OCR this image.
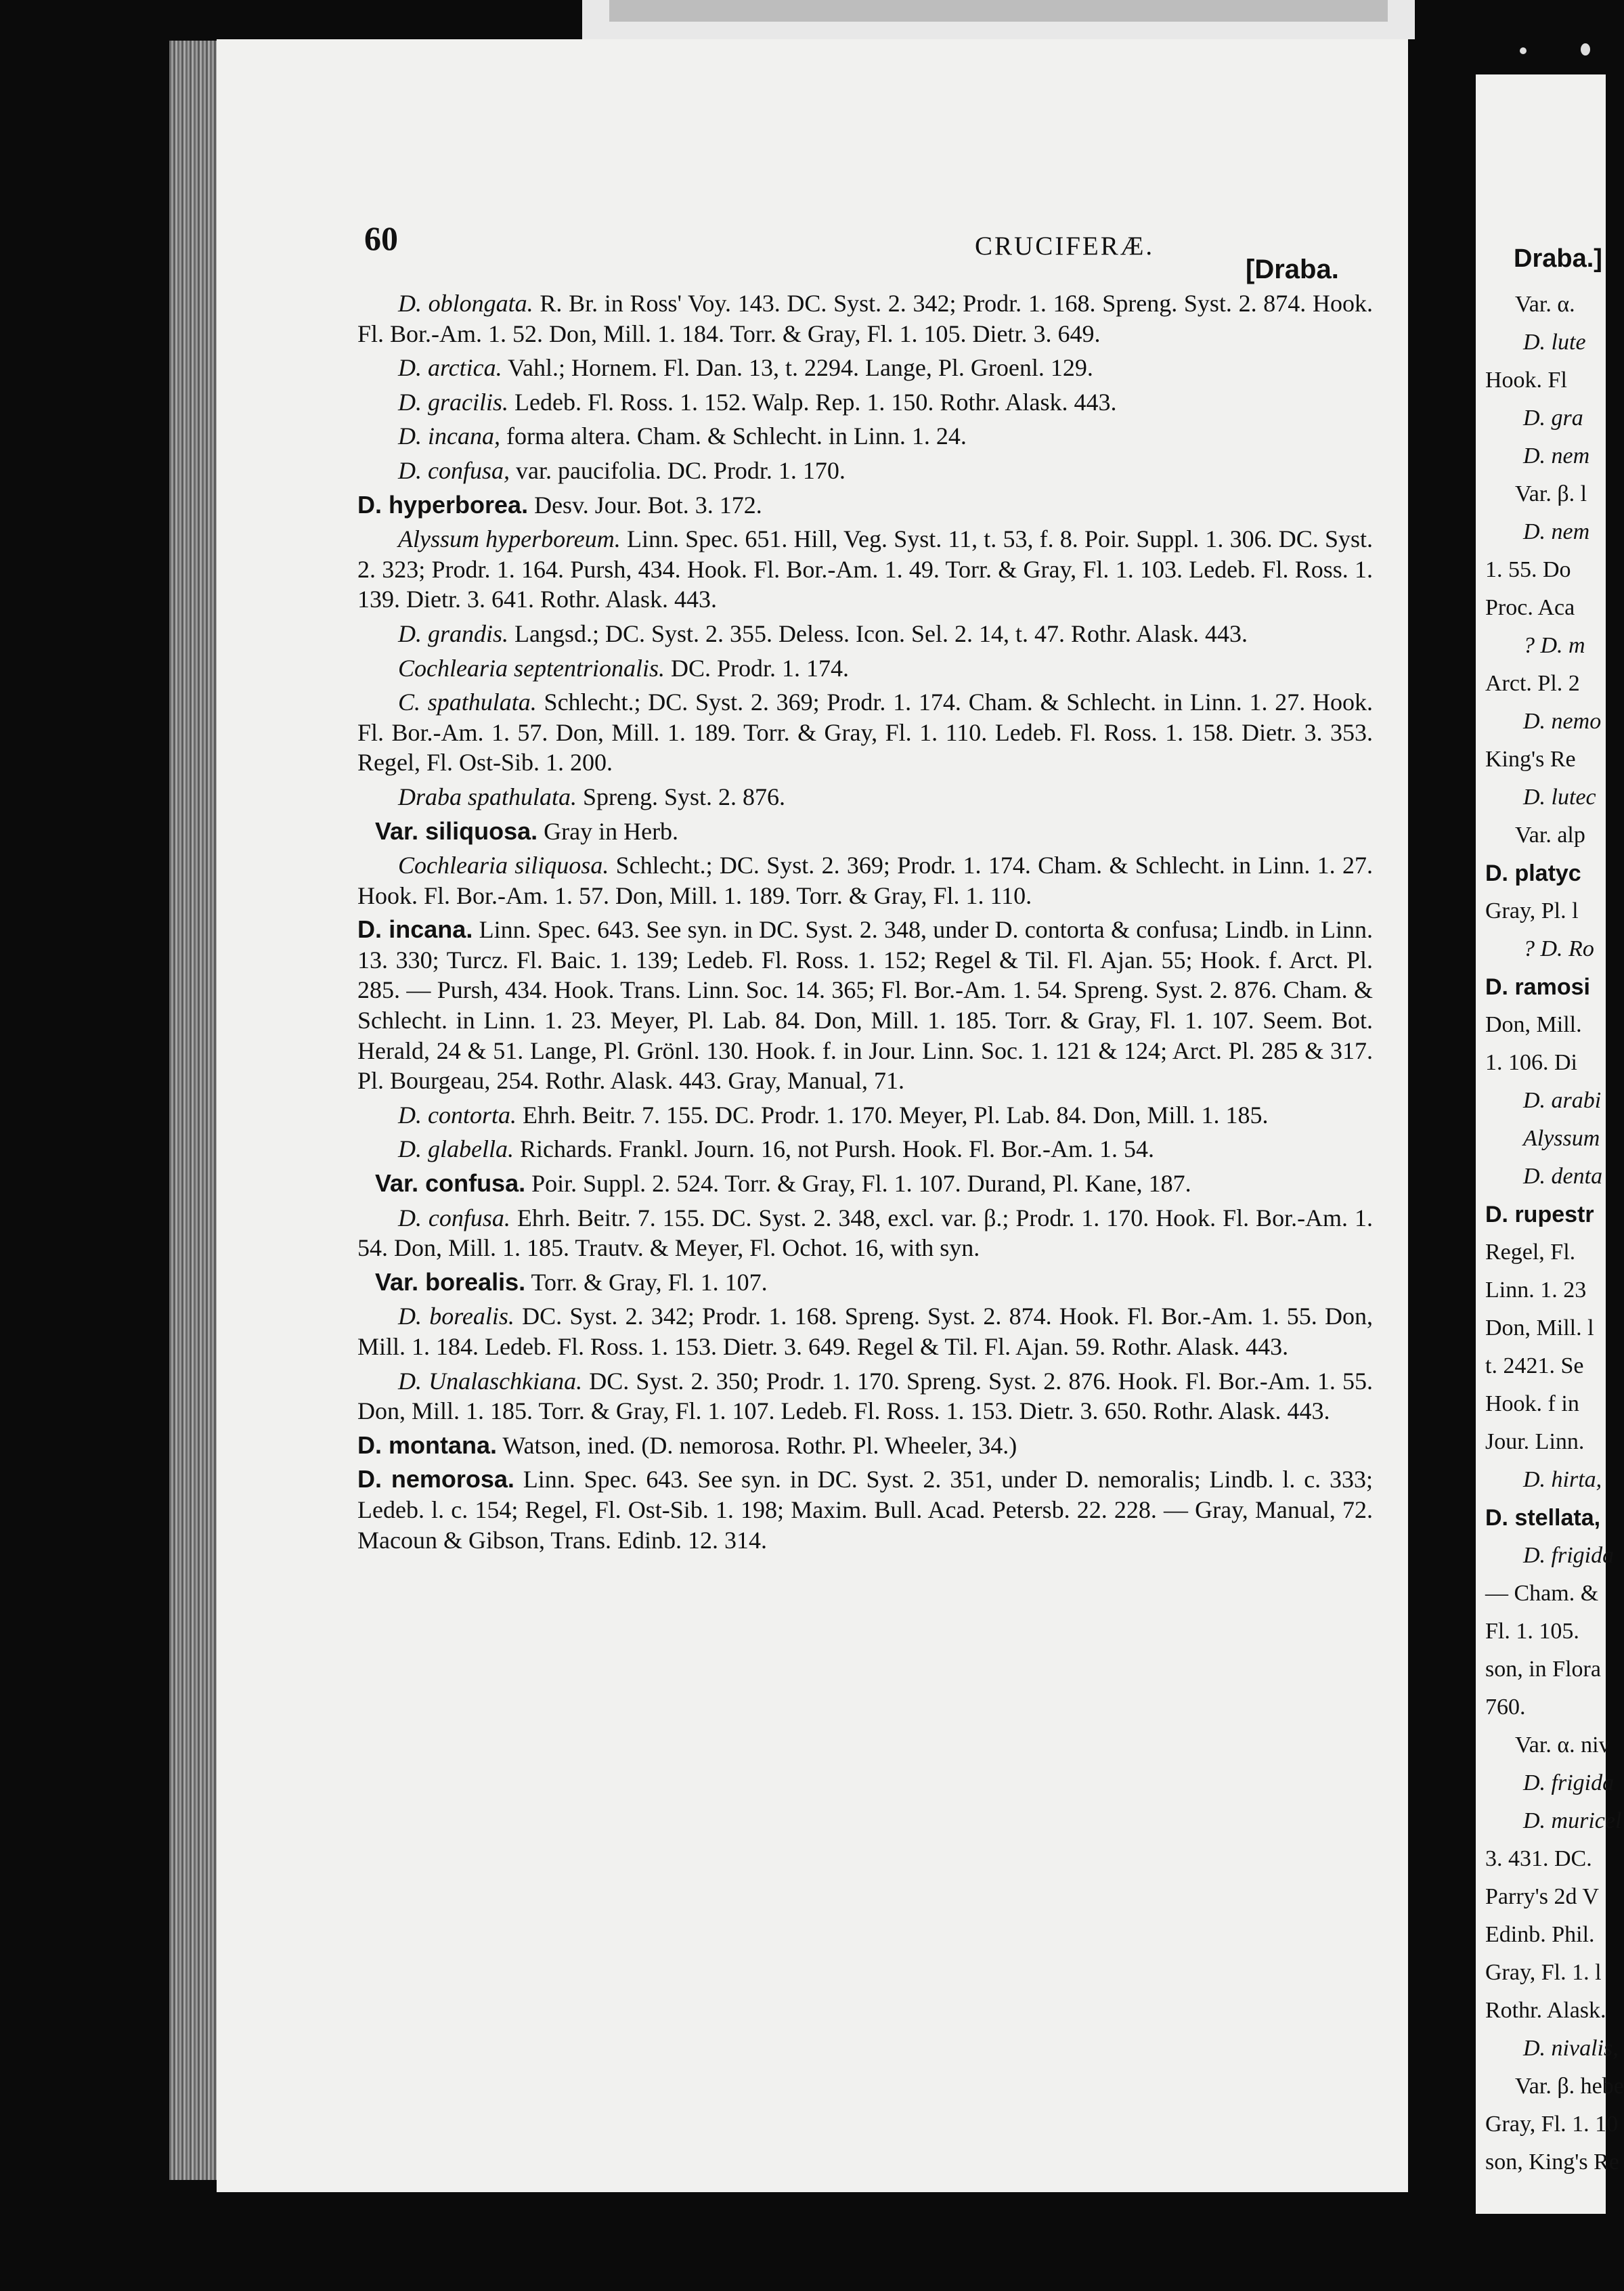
60	CRUCIFERÆ.
[Draba.

D. oblongata. R. Br. in Ross' Voy. 143. DC. Syst. 2. 342; Prodr. 1. 168. Spreng. Syst. 2. 874. Hook. Fl. Bor.-Am. 1. 52. Don, Mill. 1. 184. Torr. & Gray, Fl. 1. 105. Dietr. 3. 649.

D. arctica. Vahl.; Hornem. Fl. Dan. 13, t. 2294. Lange, Pl. Groenl. 129.

D. gracilis. Ledeb. Fl. Ross. 1. 152. Walp. Rep. 1. 150. Rothr. Alask. 443.

D. incana, forma altera. Cham. & Schlecht. in Linn. 1. 24.

D. confusa, var. paucifolia. DC. Prodr. 1. 170.

D. hyperborea. Desv. Jour. Bot. 3. 172.

Alyssum hyperboreum. Linn. Spec. 651. Hill, Veg. Syst. 11, t. 53, f. 8. Poir. Suppl. 1. 306. DC. Syst. 2. 323; Prodr. 1. 164. Pursh, 434. Hook. Fl. Bor.-Am. 1. 49. Torr. & Gray, Fl. 1. 103. Ledeb. Fl. Ross. 1. 139. Dietr. 3. 641. Rothr. Alask. 443.

D. grandis. Langsd.; DC. Syst. 2. 355. Deless. Icon. Sel. 2. 14, t. 47. Rothr. Alask. 443.

Cochlearia septentrionalis. DC. Prodr. 1. 174.

C. spathulata. Schlecht.; DC. Syst. 2. 369; Prodr. 1. 174. Cham. & Schlecht. in Linn. 1. 27. Hook. Fl. Bor.-Am. 1. 57. Don, Mill. 1. 189. Torr. & Gray, Fl. 1. 110. Ledeb. Fl. Ross. 1. 158. Dietr. 3. 353. Regel, Fl. Ost-Sib. 1. 200.

Draba spathulata. Spreng. Syst. 2. 876.

Var. siliquosa. Gray in Herb.

Cochlearia siliquosa. Schlecht.; DC. Syst. 2. 369; Prodr. 1. 174. Cham. & Schlecht. in Linn. 1. 27. Hook. Fl. Bor.-Am. 1. 57. Don, Mill. 1. 189. Torr. & Gray, Fl. 1. 110.

D. incana. Linn. Spec. 643. See syn. in DC. Syst. 2. 348, under D. contorta & confusa; Lindb. in Linn. 13. 330; Turcz. Fl. Baic. 1. 139; Ledeb. Fl. Ross. 1. 152; Regel & Til. Fl. Ajan. 55; Hook. f. Arct. Pl. 285. — Pursh, 434. Hook. Trans. Linn. Soc. 14. 365; Fl. Bor.-Am. 1. 54. Spreng. Syst. 2. 876. Cham. & Schlecht. in Linn. 1. 23. Meyer, Pl. Lab. 84. Don, Mill. 1. 185. Torr. & Gray, Fl. 1. 107. Seem. Bot. Herald, 24 & 51. Lange, Pl. Grönl. 130. Hook. f. in Jour. Linn. Soc. 1. 121 & 124; Arct. Pl. 285 & 317. Pl. Bourgeau, 254. Rothr. Alask. 443. Gray, Manual, 71.

D. contorta. Ehrh. Beitr. 7. 155. DC. Prodr. 1. 170. Meyer, Pl. Lab. 84. Don, Mill. 1. 185.

D. glabella. Richards. Frankl. Journ. 16, not Pursh. Hook. Fl. Bor.-Am. 1. 54.

Var. confusa. Poir. Suppl. 2. 524. Torr. & Gray, Fl. 1. 107. Durand, Pl. Kane, 187.

D. confusa. Ehrh. Beitr. 7. 155. DC. Syst. 2. 348, excl. var. β.; Prodr. 1. 170. Hook. Fl. Bor.-Am. 1. 54. Don, Mill. 1. 185. Trautv. & Meyer, Fl. Ochot. 16, with syn.

Var. borealis. Torr. & Gray, Fl. 1. 107.

D. borealis. DC. Syst. 2. 342; Prodr. 1. 168. Spreng. Syst. 2. 874. Hook. Fl. Bor.-Am. 1. 55. Don, Mill. 1. 184. Ledeb. Fl. Ross. 1. 153. Dietr. 3. 649. Regel & Til. Fl. Ajan. 59. Rothr. Alask. 443.

D. Unalaschkiana. DC. Syst. 2. 350; Prodr. 1. 170. Spreng. Syst. 2. 876. Hook. Fl. Bor.-Am. 1. 55. Don, Mill. 1. 185. Torr. & Gray, Fl. 1. 107. Ledeb. Fl. Ross. 1. 153. Dietr. 3. 650. Rothr. Alask. 443.

D. montana. Watson, ined. (D. nemorosa. Rothr. Pl. Wheeler, 34.)

D. nemorosa. Linn. Spec. 643. See syn. in DC. Syst. 2. 351, under D. nemoralis; Lindb. l. c. 333; Ledeb. l. c. 154; Regel, Fl. Ost-Sib. 1. 198; Maxim. Bull. Acad. Petersb. 22. 228. — Gray, Manual, 72. Macoun & Gibson, Trans. Edinb. 12. 314.

Draba.]
Var. α.
D. lute
Hook. Fl
D. gra
D. nem
Var. β. l
D. nem
1. 55. Do
Proc. Aca
? D. m
Arct. Pl. 2
D. nemo
King's Re
D. lutec
Var. alp
D. platyc
Gray, Pl. l
? D. Ro
D. ramosi
Don, Mill.
1. 106. Di
D. arabi
Alyssum
D. denta
D. rupestr
Regel, Fl.
Linn. 1. 23
Don, Mill. l
t. 2421. Se
Hook. f in
Jour. Linn.
D. hirta,
D. stellata,
D. frigida
— Cham. &
Fl. 1. 105.
son, in Flora
760.
Var. α. niv
D. frigida
D. muricel
3. 431. DC.
Parry's 2d V
Edinb. Phil.
Gray, Fl. 1. l
Rothr. Alask.
D. nivalis,
Var. β. hebe
Gray, Fl. 1. 10
son, King's Re
